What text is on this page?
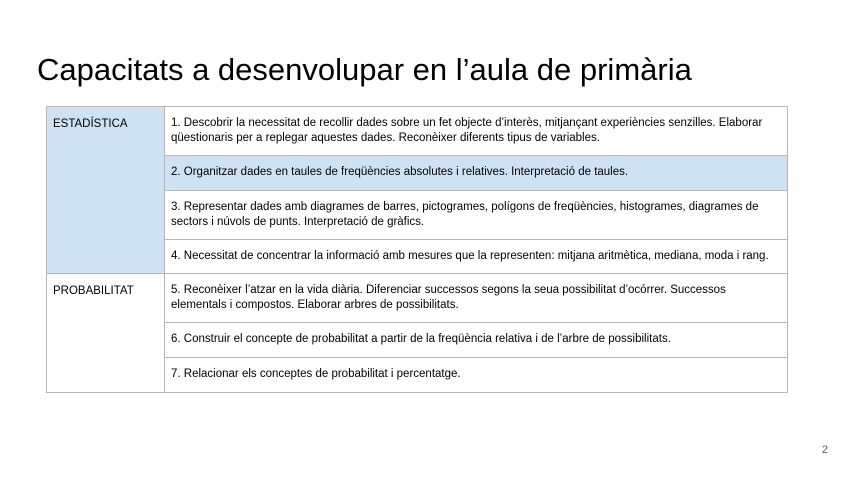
Capacitats a desenvolupar en l’aula de primària
ESTADÍSTICA	1. Descobrir la necessitat de recollir dades sobre un fet objecte d’interès, mitjançant experiències senzilles. Elaborar qüestionaris per a replegar aquestes dades. Reconèixer diferents tipus de variables.
	2. Organitzar dades en taules de freqüències absolutes i relatives. Interpretació de taules.
	3. Representar dades amb diagrames de barres, pictogrames, polígons de freqüències, histogrames, diagrames de sectors i núvols de punts. Interpretació de gràfics.
	4. Necessitat de concentrar la informació amb mesures que la representen: mitjana aritmètica, mediana, moda i rang.
PROBABILITAT	5. Reconèixer l’atzar en la vida diària. Diferenciar successos segons la seua possibilitat d’ocórrer. Successos elementals i compostos. Elaborar arbres de possibilitats.
	6. Construir el concepte de probabilitat a partir de la freqüència relativa i de l’arbre de possibilitats.
	7. Relacionar els conceptes de probabilitat i percentatge.
2
